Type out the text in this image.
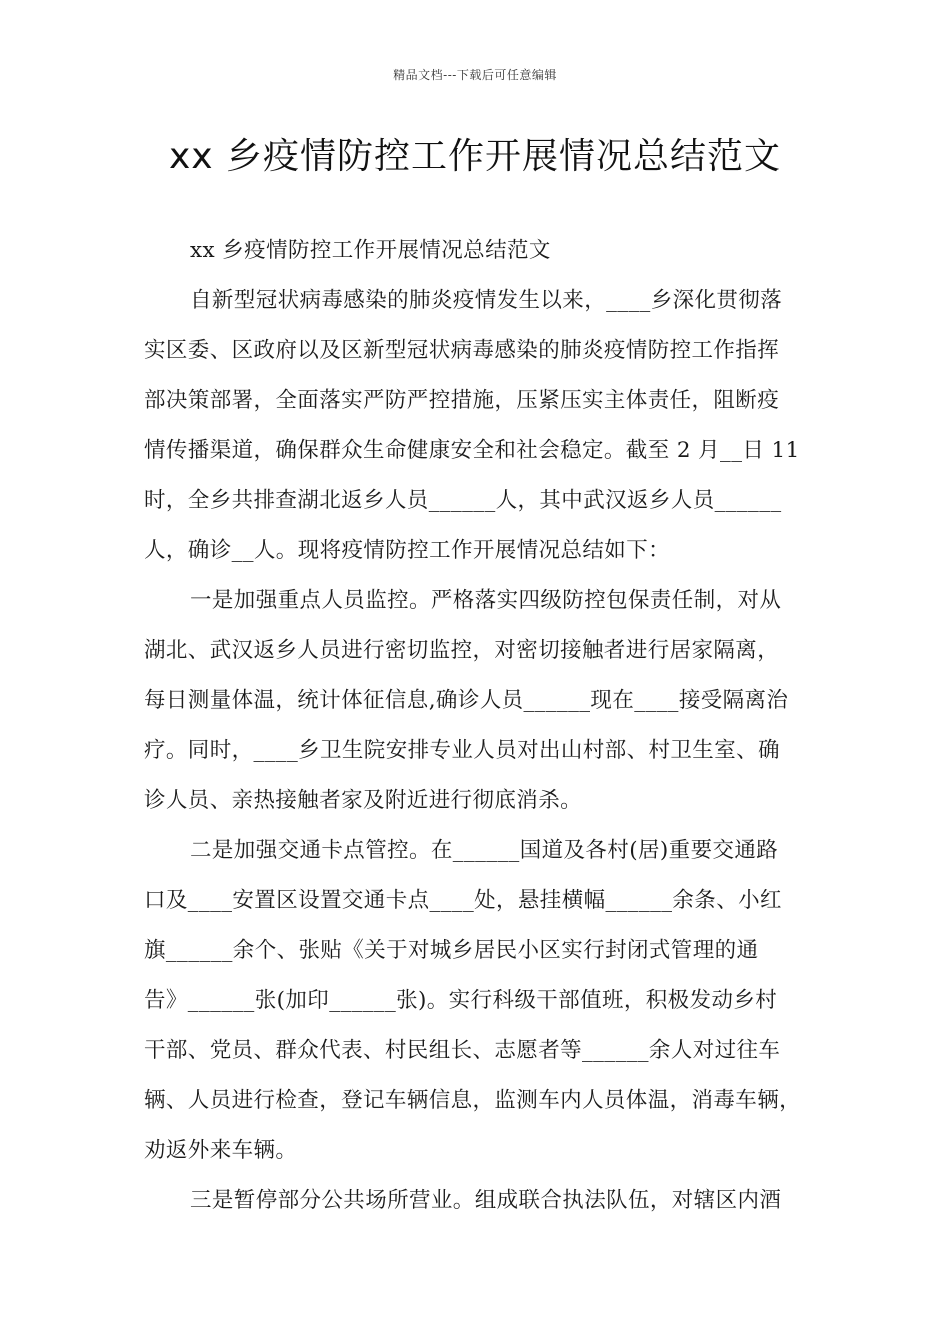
精品文档---下载后可任意编辑
xx 乡疫情防控工作开展情况总结范文
xx 乡疫情防控工作开展情况总结范文
自新型冠状病毒感染的肺炎疫情发生以来，____乡深化贯彻落
实区委、区政府以及区新型冠状病毒感染的肺炎疫情防控工作指挥
部决策部署，全面落实严防严控措施，压紧压实主体责任，阻断疫
情传播渠道，确保群众生命健康安全和社会稳定。截至 2 月__日 11
时，全乡共排查湖北返乡人员______人，其中武汉返乡人员______
人，确诊__人。现将疫情防控工作开展情况总结如下：
一是加强重点人员监控。严格落实四级防控包保责任制，对从
湖北、武汉返乡人员进行密切监控，对密切接触者进行居家隔离，
每日测量体温，统计体征信息,确诊人员______现在____接受隔离治
疗。同时，____乡卫生院安排专业人员对出山村部、村卫生室、确
诊人员、亲热接触者家及附近进行彻底消杀。
二是加强交通卡点管控。在______国道及各村(居)重要交通路
口及____安置区设置交通卡点____处，悬挂横幅______余条、小红
旗______余个、张贴《关于对城乡居民小区实行封闭式管理的通
告》______张(加印______张)。实行科级干部值班，积极发动乡村
干部、党员、群众代表、村民组长、志愿者等______余人对过往车
辆、人员进行检查，登记车辆信息，监测车内人员体温，消毒车辆，
劝返外来车辆。
三是暂停部分公共场所营业。组成联合执法队伍，对辖区内酒
